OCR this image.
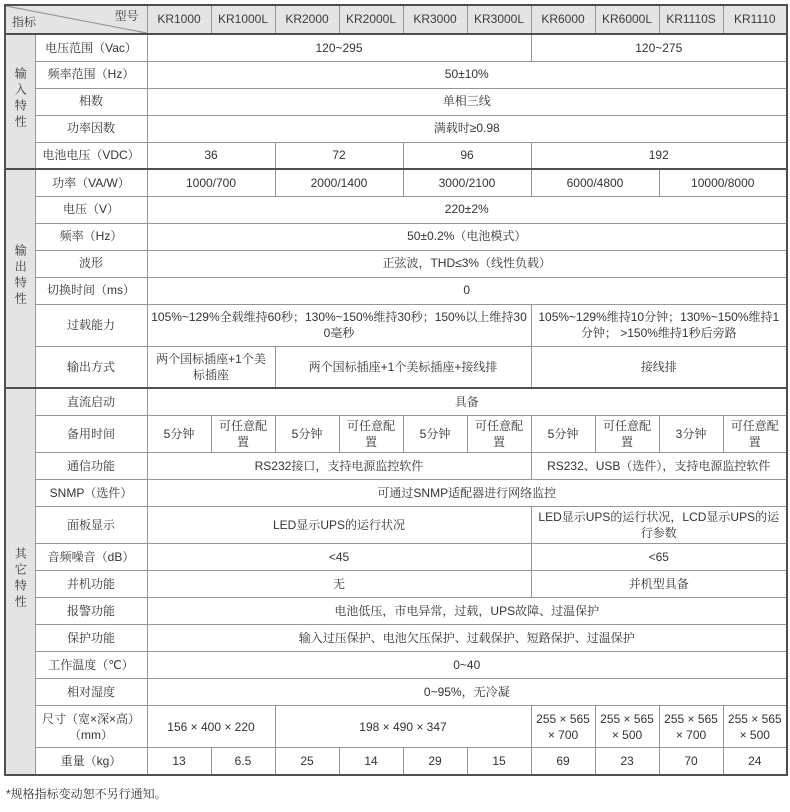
型号
指标		KR1000	KR1000L	KR2000	KR2000L	KR3000	KR3000L	KR6000	KR6000L	KR1110S	KR1110
输入特性	电压范围（Vac）	120~295						120~275			
	频率范围（Hz）	50±10%									
	相数	单相三线									
	功率因数	满载时≥0.98									
	电池电压（VDC）	36		72		96		192			
输出特性	功率（VA/W）	1000/700		2000/1400		3000/2100		6000/4800		10000/8000	
	电压（V）	220±2%									
	频率（Hz）	50±0.2%（电池模式）									
	波形	正弦波，THD≤3%（线性负载）									
	切换时间（ms）	0									
	过载能力	105%~129%全载维持60秒；130%~150%维持30秒；150%以上维持300毫秒						105%~129%维持10分钟；130%~150%维持1分钟； >150%维持1秒后旁路			
	输出方式	两个国标插座+1个美标插座		两个国标插座+1个美标插座+接线排				接线排			
其它特性	直流启动	具备									
	备用时间	5分钟	可任意配置	5分钟	可任意配置	5分钟	可任意配置	5分钟	可任意配置	3分钟	可任意配置
	通信功能	RS232接口，支持电源监控软件						RS232、USB（选件），支持电源监控软件			
	SNMP（选件）	可通过SNMP适配器进行网络监控									
	面板显示	LED显示UPS的运行状况						LED显示UPS的运行状况，LCD显示UPS的运行参数			
	音频噪音（dB）	<45						<65			
	并机功能	无						并机型具备			
	报警功能	电池低压，市电异常，过载，UPS故障、过温保护									
	保护功能	输入过压保护、电池欠压保护、过载保护、短路保护、过温保护									
	工作温度（℃）	0~40									
	相对湿度	0~95%，无冷凝									
	尺寸（宽×深×高）（mm）	156 × 400 × 220		198 × 490 × 347				255 × 565 × 700	255 × 565 × 500	255 × 565 × 700	255 × 565 × 500
	重量（kg）	13	6.5	25	14	29	15	69	23	70	24
*规格指标变动恕不另行通知。
